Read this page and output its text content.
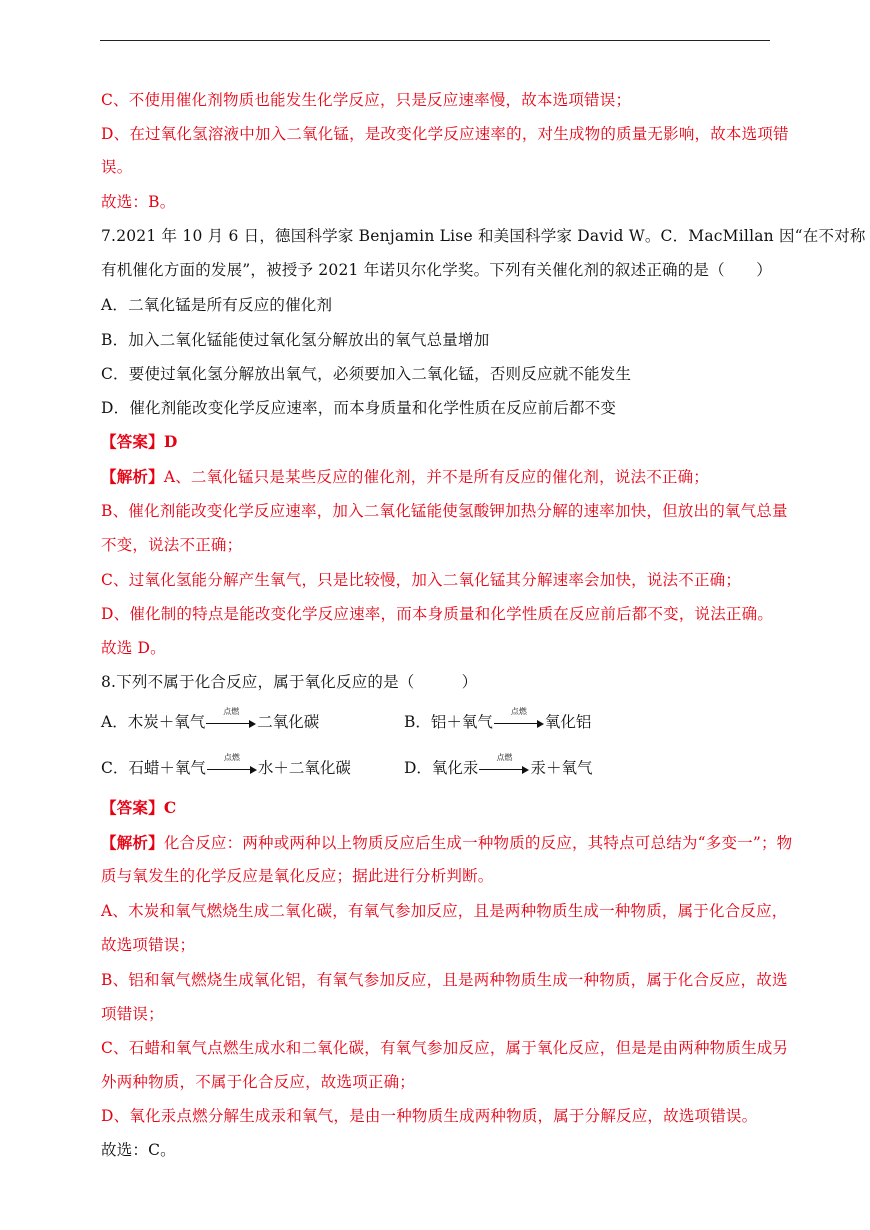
C、不使用催化剂物质也能发生化学反应，只是反应速率慢，故本选项错误；
D、在过氧化氢溶液中加入二氧化锰，是改变化学反应速率的，对生成物的质量无影响，故本选项错
误。
故选：B。
7.2021 年 10 月 6 日，德国科学家 Benjamin Lise 和美国科学家 David W。C．MacMillan 因“在不对称
有机催化方面的发展”，被授予 2021 年诺贝尔化学奖。下列有关催化剂的叙述正确的是（　　）
A．二氧化锰是所有反应的催化剂
B．加入二氧化锰能使过氧化氢分解放出的氧气总量增加
C．要使过氧化氢分解放出氧气，必须要加入二氧化锰，否则反应就不能发生
D．催化剂能改变化学反应速率，而本身质量和化学性质在反应前后都不变
【答案】D
【解析】A、二氧化锰只是某些反应的催化剂，并不是所有反应的催化剂，说法不正确；
B、催化剂能改变化学反应速率，加入二氧化锰能使氢酸钾加热分解的速率加快，但放出的氧气总量
不变，说法不正确；
C、过氧化氢能分解产生氧气，只是比较慢，加入二氧化锰其分解速率会加快，说法不正确；
D、催化制的特点是能改变化学反应速率，而本身质量和化学性质在反应前后都不变，说法正确。
故选 D。
8.下列不属于化合反应，属于氧化反应的是（　　　）
A．木炭＋氧气
点燃
二氧化碳	B．铝＋氧气
点燃
氧化铝
C．石蜡＋氧气
点燃
水＋二氧化碳	D．氧化汞
点燃
汞＋氧气
【答案】C
【解析】化合反应：两种或两种以上物质反应后生成一种物质的反应，其特点可总结为“多变一”；物
质与氧发生的化学反应是氧化反应；据此进行分析判断。
A、木炭和氧气燃烧生成二氧化碳，有氧气参加反应，且是两种物质生成一种物质，属于化合反应，
故选项错误；
B、铝和氧气燃烧生成氧化铝，有氧气参加反应，且是两种物质生成一种物质，属于化合反应，故选
项错误；
C、石蜡和氧气点燃生成水和二氧化碳，有氧气参加反应，属于氧化反应，但是是由两种物质生成另
外两种物质，不属于化合反应，故选项正确；
D、氧化汞点燃分解生成汞和氧气，是由一种物质生成两种物质，属于分解反应，故选项错误。
故选：C。
